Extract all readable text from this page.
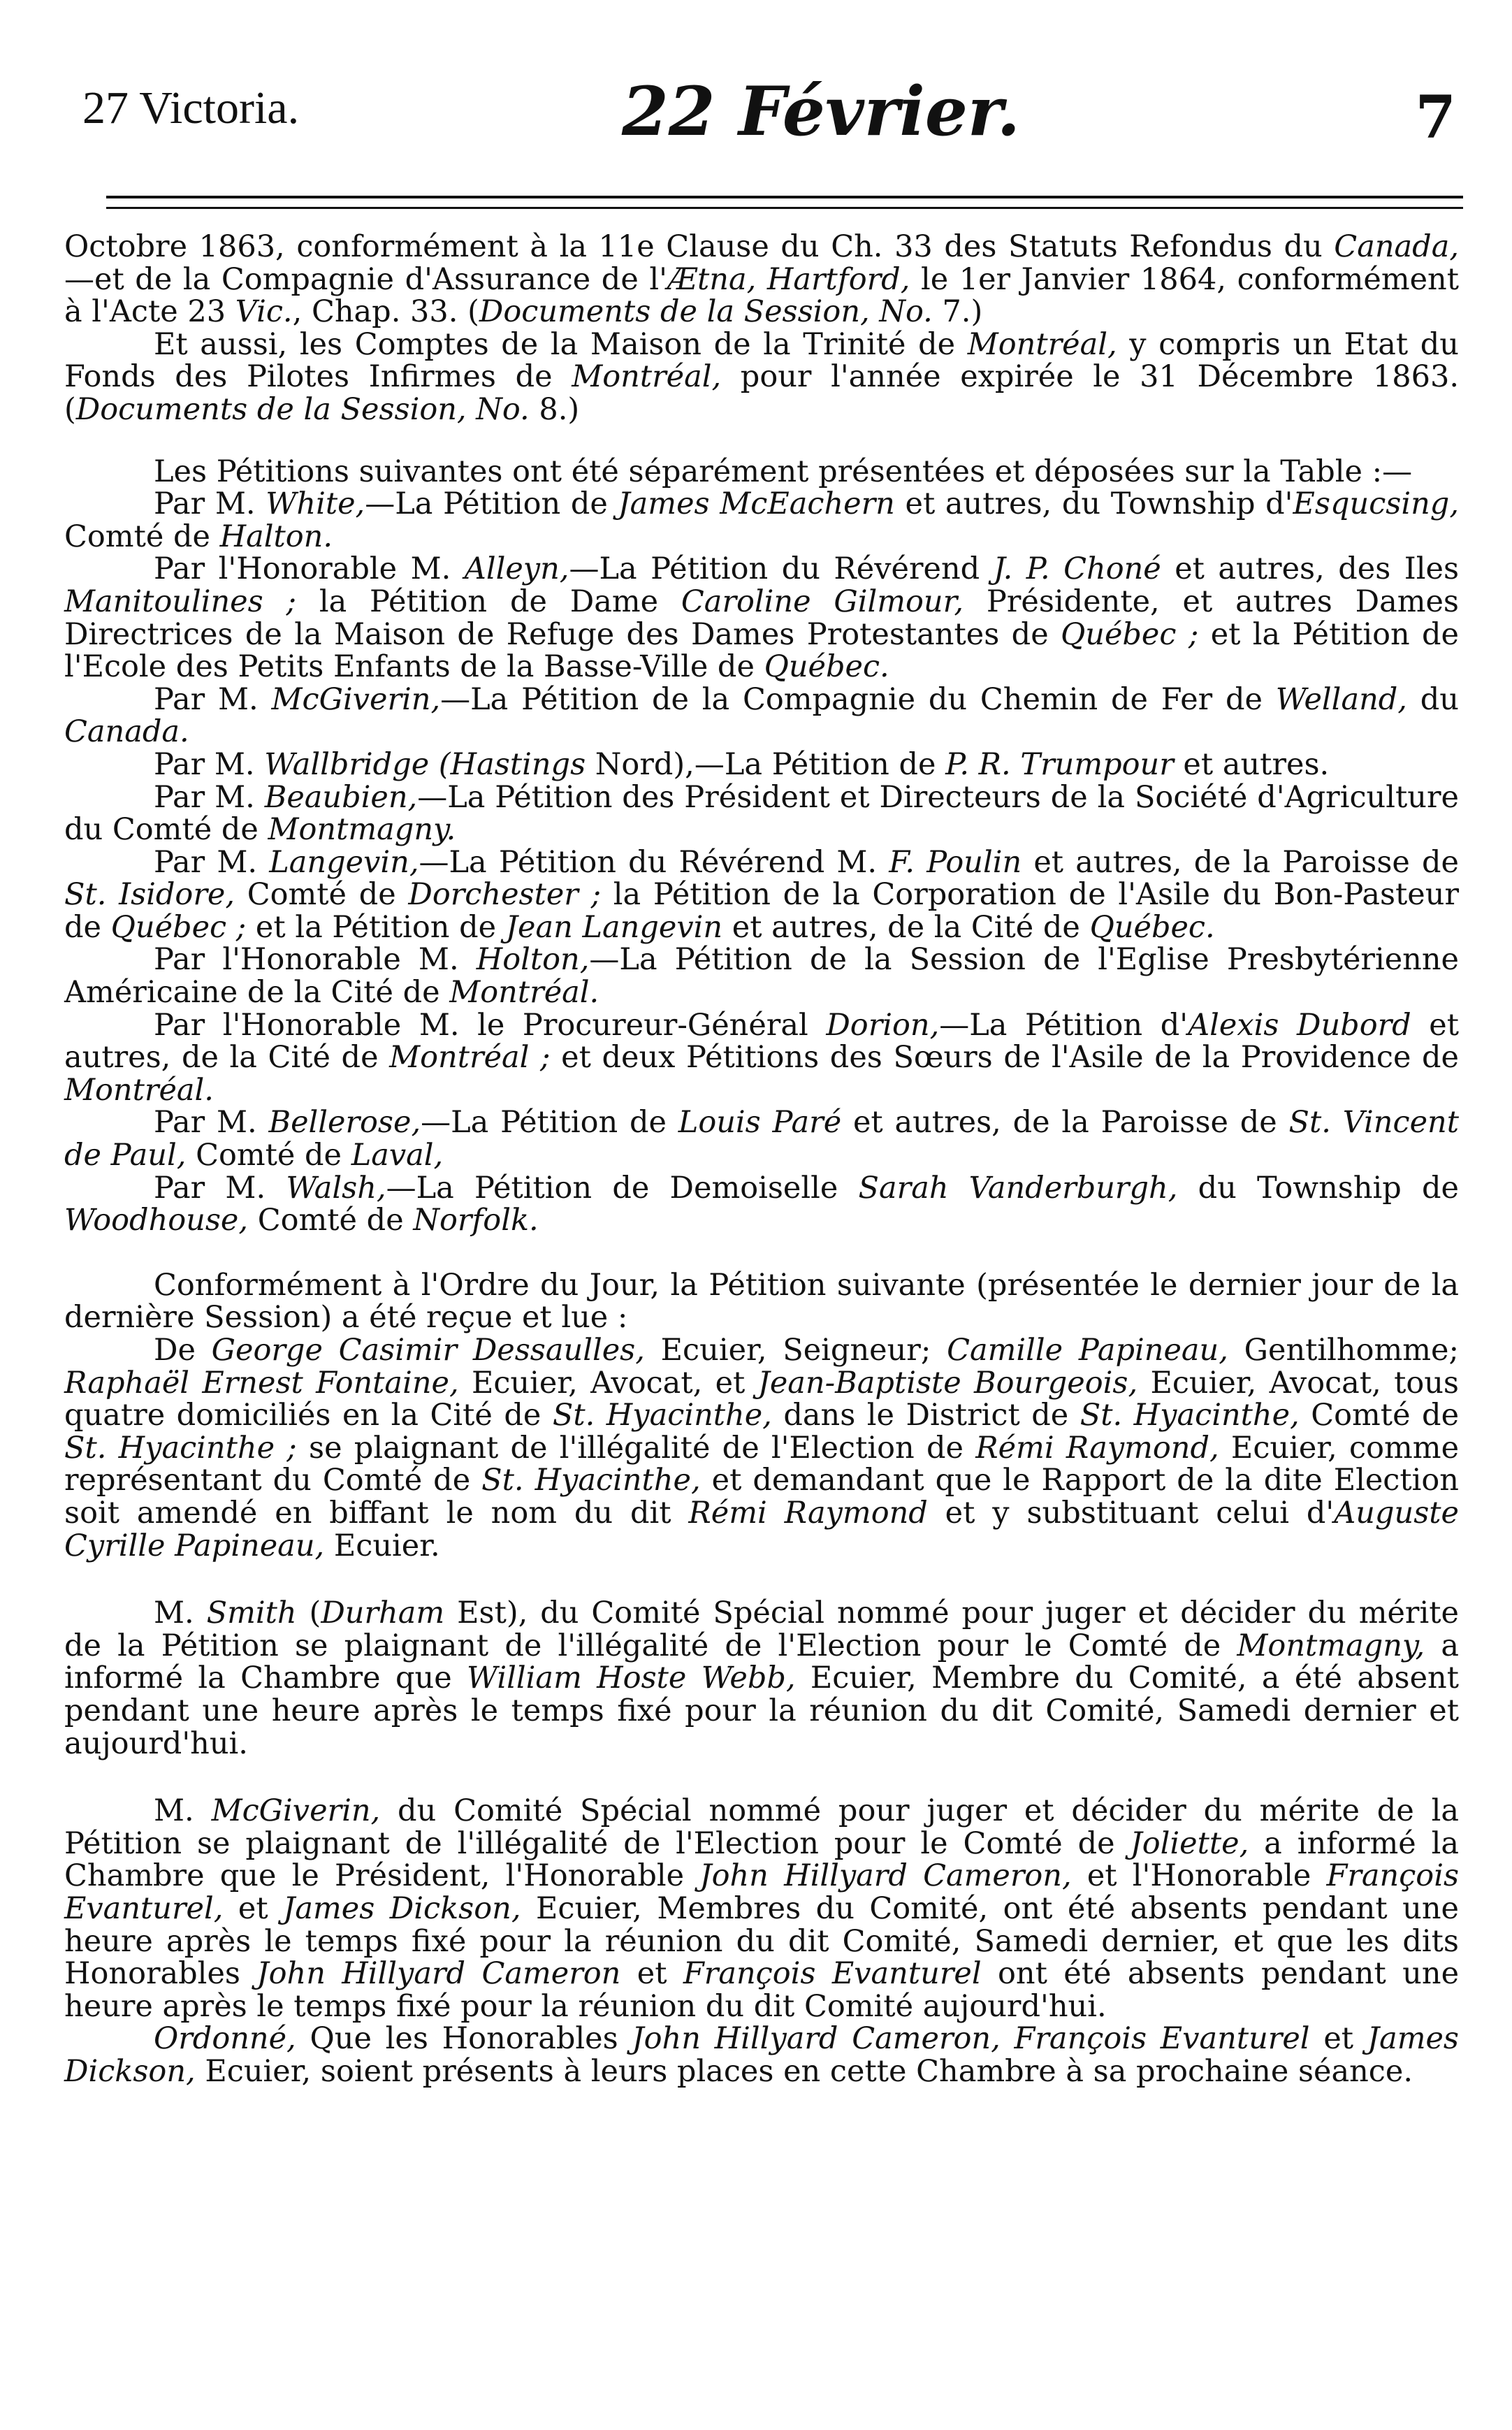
27 Victoria.	22 Février.	7

Octobre 1863, conformément à la 11e Clause du Ch. 33 des Statuts Refondus du Canada,—et de la Compagnie d'Assurance de l'Ætna, Hartford, le 1er Janvier 1864, conformément à l'Acte 23 Vic., Chap. 33. (Documents de la Session, No. 7.)

Et aussi, les Comptes de la Maison de la Trinité de Montréal, y compris un Etat du Fonds des Pilotes Infirmes de Montréal, pour l'année expirée le 31 Décembre 1863. (Documents de la Session, No. 8.)

Les Pétitions suivantes ont été séparément présentées et déposées sur la Table :—

Par M. White,—La Pétition de James McEachern et autres, du Township d'Esqucsing, Comté de Halton.

Par l'Honorable M. Alleyn,—La Pétition du Révérend J. P. Choné et autres, des Iles Manitoulines ; la Pétition de Dame Caroline Gilmour, Présidente, et autres Dames Directrices de la Maison de Refuge des Dames Protestantes de Québec ; et la Pétition de l'Ecole des Petits Enfants de la Basse-Ville de Québec.

Par M. McGiverin,—La Pétition de la Compagnie du Chemin de Fer de Welland, du Canada.

Par M. Wallbridge (Hastings Nord),—La Pétition de P. R. Trumpour et autres.

Par M. Beaubien,—La Pétition des Président et Directeurs de la Société d'Agriculture du Comté de Montmagny.

Par M. Langevin,—La Pétition du Révérend M. F. Poulin et autres, de la Paroisse de St. Isidore, Comté de Dorchester ; la Pétition de la Corporation de l'Asile du Bon-Pasteur de Québec ; et la Pétition de Jean Langevin et autres, de la Cité de Québec.

Par l'Honorable M. Holton,—La Pétition de la Session de l'Eglise Presbytérienne Américaine de la Cité de Montréal.

Par l'Honorable M. le Procureur-Général Dorion,—La Pétition d'Alexis Dubord et autres, de la Cité de Montréal ; et deux Pétitions des Sœurs de l'Asile de la Providence de Montréal.

Par M. Bellerose,—La Pétition de Louis Paré et autres, de la Paroisse de St. Vincent de Paul, Comté de Laval,

Par M. Walsh,—La Pétition de Demoiselle Sarah Vanderburgh, du Township de Woodhouse, Comté de Norfolk.

Conformément à l'Ordre du Jour, la Pétition suivante (présentée le dernier jour de la dernière Session) a été reçue et lue :

De George Casimir Dessaulles, Ecuier, Seigneur; Camille Papineau, Gentilhomme; Raphaël Ernest Fontaine, Ecuier, Avocat, et Jean-Baptiste Bourgeois, Ecuier, Avocat, tous quatre domiciliés en la Cité de St. Hyacinthe, dans le District de St. Hyacinthe, Comté de St. Hyacinthe ; se plaignant de l'illégalité de l'Election de Rémi Raymond, Ecuier, comme représentant du Comté de St. Hyacinthe, et demandant que le Rapport de la dite Election soit amendé en biffant le nom du dit Rémi Raymond et y substituant celui d'Auguste Cyrille Papineau, Ecuier.

M. Smith (Durham Est), du Comité Spécial nommé pour juger et décider du mérite de la Pétition se plaignant de l'illégalité de l'Election pour le Comté de Montmagny, a informé la Chambre que William Hoste Webb, Ecuier, Membre du Comité, a été absent pendant une heure après le temps fixé pour la réunion du dit Comité, Samedi dernier et aujourd'hui.

M. McGiverin, du Comité Spécial nommé pour juger et décider du mérite de la Pétition se plaignant de l'illégalité de l'Election pour le Comté de Joliette, a informé la Chambre que le Président, l'Honorable John Hillyard Cameron, et l'Honorable François Evanturel, et James Dickson, Ecuier, Membres du Comité, ont été absents pendant une heure après le temps fixé pour la réunion du dit Comité, Samedi dernier, et que les dits Honorables John Hillyard Cameron et François Evanturel ont été absents pendant une heure après le temps fixé pour la réunion du dit Comité aujourd'hui.

Ordonné, Que les Honorables John Hillyard Cameron, François Evanturel et James Dickson, Ecuier, soient présents à leurs places en cette Chambre à sa prochaine séance.
